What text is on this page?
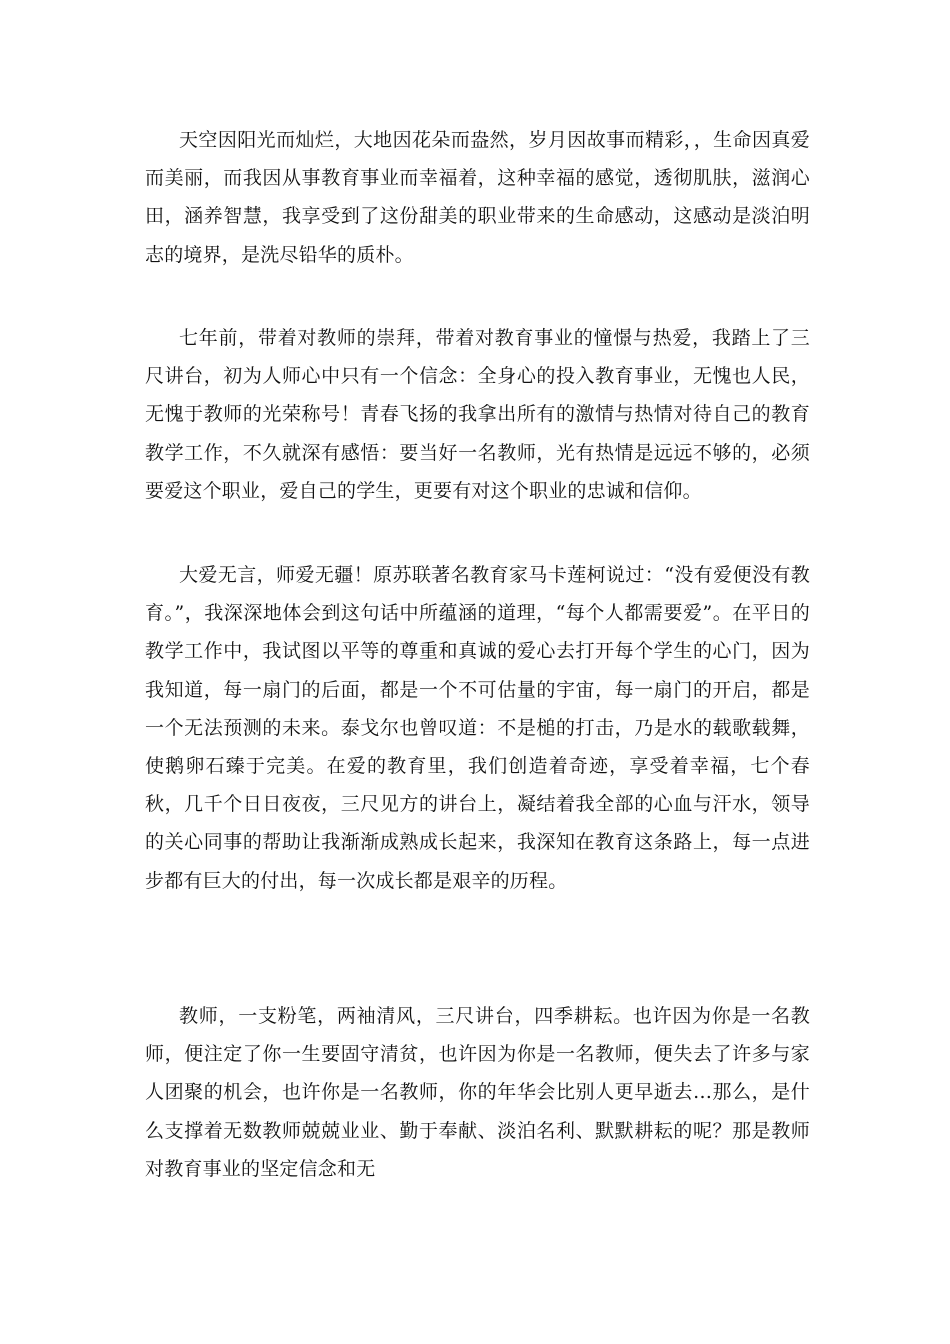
天空因阳光而灿烂，大地因花朵而盎然，岁月因故事而精彩，，生命因真爱而美丽，而我因从事教育事业而幸福着，这种幸福的感觉，透彻肌肤，滋润心田，涵养智慧，我享受到了这份甜美的职业带来的生命感动，这感动是淡泊明志的境界，是洗尽铅华的质朴。

七年前，带着对教师的崇拜，带着对教育事业的憧憬与热爱，我踏上了三尺讲台，初为人师心中只有一个信念：全身心的投入教育事业，无愧也人民，无愧于教师的光荣称号！青春飞扬的我拿出所有的激情与热情对待自己的教育教学工作，不久就深有感悟：要当好一名教师，光有热情是远远不够的，必须要爱这个职业，爱自己的学生，更要有对这个职业的忠诚和信仰。

大爱无言，师爱无疆！原苏联著名教育家马卡莲柯说过：“没有爱便没有教育。”，我深深地体会到这句话中所蕴涵的道理，“每个人都需要爱”。在平日的教学工作中，我试图以平等的尊重和真诚的爱心去打开每个学生的心门，因为我知道，每一扇门的后面，都是一个不可估量的宇宙，每一扇门的开启，都是一个无法预测的未来。泰戈尔也曾叹道：不是槌的打击，乃是水的载歌载舞，使鹅卵石臻于完美。在爱的教育里，我们创造着奇迹，享受着幸福，七个春秋，几千个日日夜夜，三尺见方的讲台上，凝结着我全部的心血与汗水，领导的关心同事的帮助让我渐渐成熟成长起来，我深知在教育这条路上，每一点进步都有巨大的付出，每一次成长都是艰辛的历程。

教师，一支粉笔，两袖清风，三尺讲台，四季耕耘。也许因为你是一名教师，便注定了你一生要固守清贫，也许因为你是一名教师，便失去了许多与家人团聚的机会，也许你是一名教师，你的年华会比别人更早逝去…那么，是什么支撑着无数教师兢兢业业、勤于奉献、淡泊名利、默默耕耘的呢？那是教师对教育事业的坚定信念和无
